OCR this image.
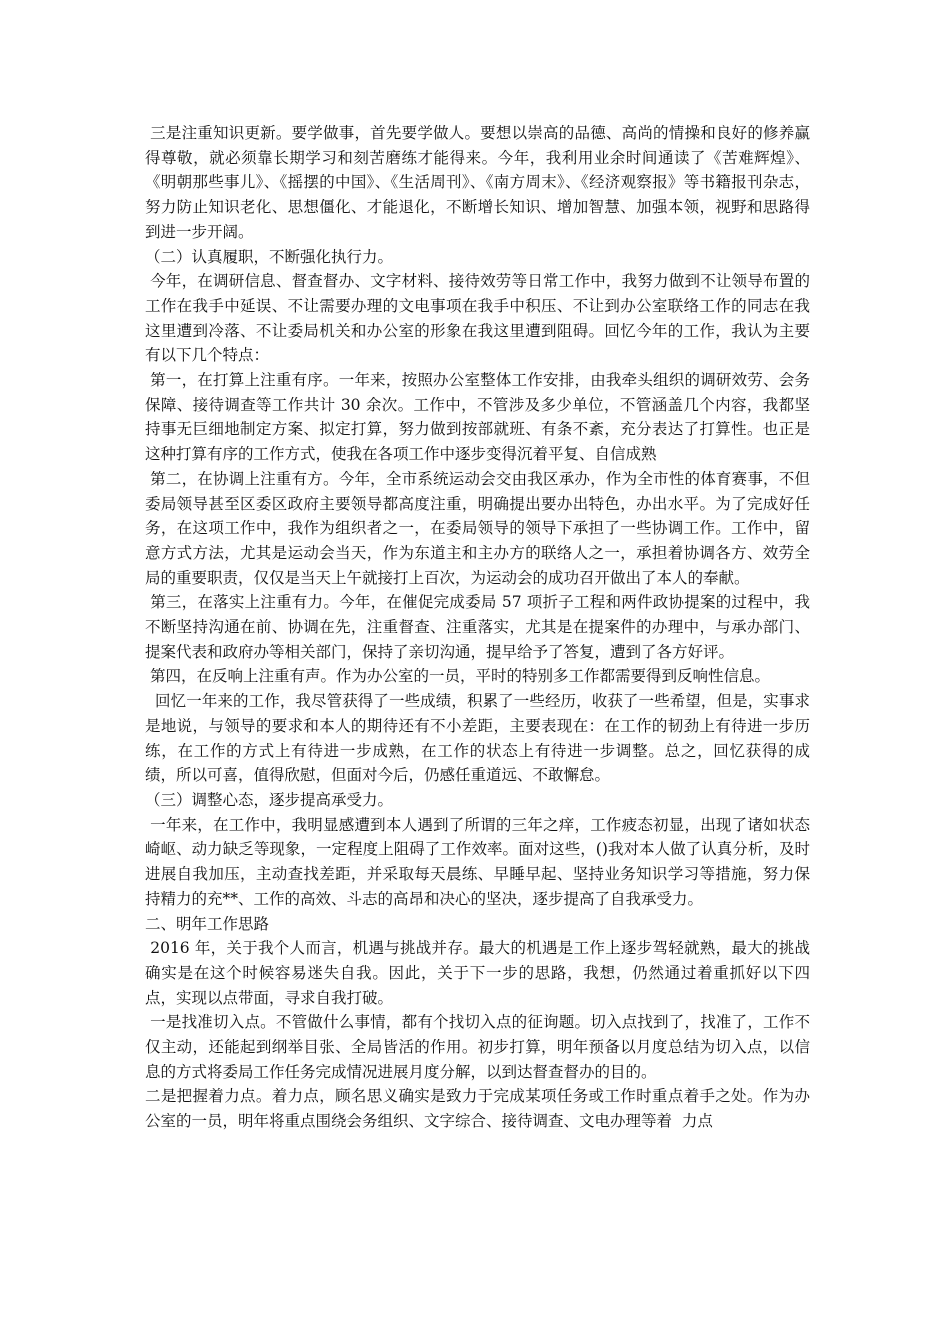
三是注重知识更新。要学做事，首先要学做人。要想以崇高的品德、高尚的情操和良好的修养赢得尊敬，就必须靠长期学习和刻苦磨练才能得来。今年，我利用业余时间通读了《苦难辉煌》、《明朝那些事儿》、《摇摆的中国》、《生活周刊》、《南方周末》、《经济观察报》等书籍报刊杂志，努力防止知识老化、思想僵化、才能退化，不断增长知识、增加智慧、加强本领，视野和思路得到进一步开阔。

（二）认真履职，不断强化执行力。

今年，在调研信息、督查督办、文字材料、接待效劳等日常工作中，我努力做到不让领导布置的工作在我手中延误、不让需要办理的文电事项在我手中积压、不让到办公室联络工作的同志在我这里遭到冷落、不让委局机关和办公室的形象在我这里遭到阻碍。回忆今年的工作，我认为主要有以下几个特点：

第一，在打算上注重有序。一年来，按照办公室整体工作安排，由我牵头组织的调研效劳、会务保障、接待调查等工作共计 30 余次。工作中，不管涉及多少单位，不管涵盖几个内容，我都坚持事无巨细地制定方案、拟定打算，努力做到按部就班、有条不紊，充分表达了打算性。也正是这种打算有序的工作方式，使我在各项工作中逐步变得沉着平复、自信成熟

第二，在协调上注重有方。今年，全市系统运动会交由我区承办，作为全市性的体育赛事，不但委局领导甚至区委区政府主要领导都高度注重，明确提出要办出特色，办出水平。为了完成好任务，在这项工作中，我作为组织者之一，在委局领导的领导下承担了一些协调工作。工作中，留意方式方法，尤其是运动会当天，作为东道主和主办方的联络人之一，承担着协调各方、效劳全局的重要职责，仅仅是当天上午就接打上百次，为运动会的成功召开做出了本人的奉献。

第三，在落实上注重有力。今年，在催促完成委局 57 项折子工程和两件政协提案的过程中，我不断坚持沟通在前、协调在先，注重督查、注重落实，尤其是在提案件的办理中，与承办部门、提案代表和政府办等相关部门，保持了亲切沟通，提早给予了答复，遭到了各方好评。

第四，在反响上注重有声。作为办公室的一员，平时的特别多工作都需要得到反响性信息。

回忆一年来的工作，我尽管获得了一些成绩，积累了一些经历，收获了一些希望，但是，实事求是地说，与领导的要求和本人的期待还有不小差距，主要表现在：在工作的韧劲上有待进一步历练，在工作的方式上有待进一步成熟，在工作的状态上有待进一步调整。总之，回忆获得的成绩，所以可喜，值得欣慰，但面对今后，仍感任重道远、不敢懈怠。

（三）调整心态，逐步提高承受力。

一年来，在工作中，我明显感遭到本人遇到了所谓的三年之痒，工作疲态初显，出现了诸如状态崎岖、动力缺乏等现象，一定程度上阻碍了工作效率。面对这些，()我对本人做了认真分析，及时进展自我加压，主动查找差距，并采取每天晨练、早睡早起、坚持业务知识学习等措施，努力保持精力的充**、工作的高效、斗志的高昂和决心的坚决，逐步提高了自我承受力。

二、明年工作思路

2016 年，关于我个人而言，机遇与挑战并存。最大的机遇是工作上逐步驾轻就熟，最大的挑战确实是在这个时候容易迷失自我。因此，关于下一步的思路，我想，仍然通过着重抓好以下四点，实现以点带面，寻求自我打破。

一是找准切入点。不管做什么事情，都有个找切入点的征询题。切入点找到了，找准了，工作不仅主动，还能起到纲举目张、全局皆活的作用。初步打算，明年预备以月度总结为切入点，以信息的方式将委局工作任务完成情况进展月度分解，以到达督查督办的目的。

二是把握着力点。着力点，顾名思义确实是致力于完成某项任务或工作时重点着手之处。作为办公室的一员，明年将重点围绕会务组织、文字综合、接待调查、文电办理等着  力点
